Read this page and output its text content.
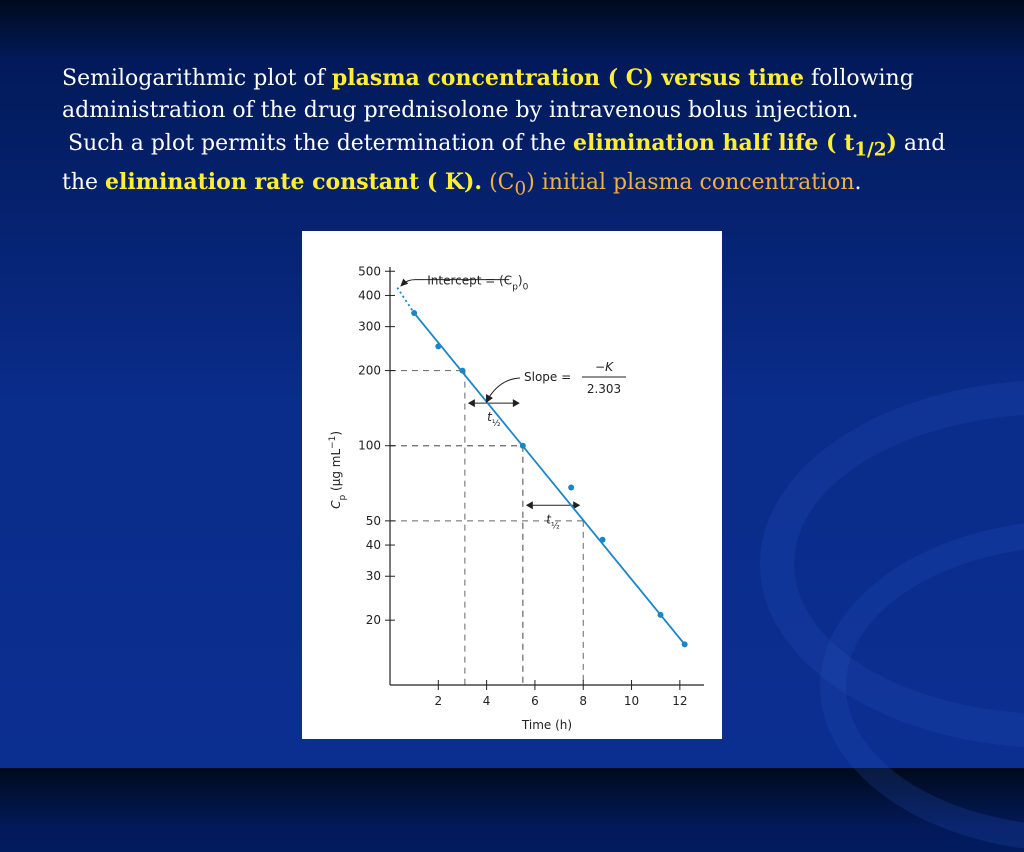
Semilogarithmic plot of plasma concentration ( C) versus time following

administration of the drug prednisolone by intravenous bolus injection.

Such a plot permits the determination of the elimination half life ( $t_{1/2}$) and

the elimination rate constant ( K). $(C_0)$ initial plasma concentration.

500
400
300
200
100
50
40
30
20
2	4	6	8	10	12
$t_{\frac{1}{2}}$
$t_{\frac{1}{2}}$
Intercept = $(C_p)_0$
Slope =
−K
2.303
Time (h)
$C_p$ (µg $mL^{-1}$)
